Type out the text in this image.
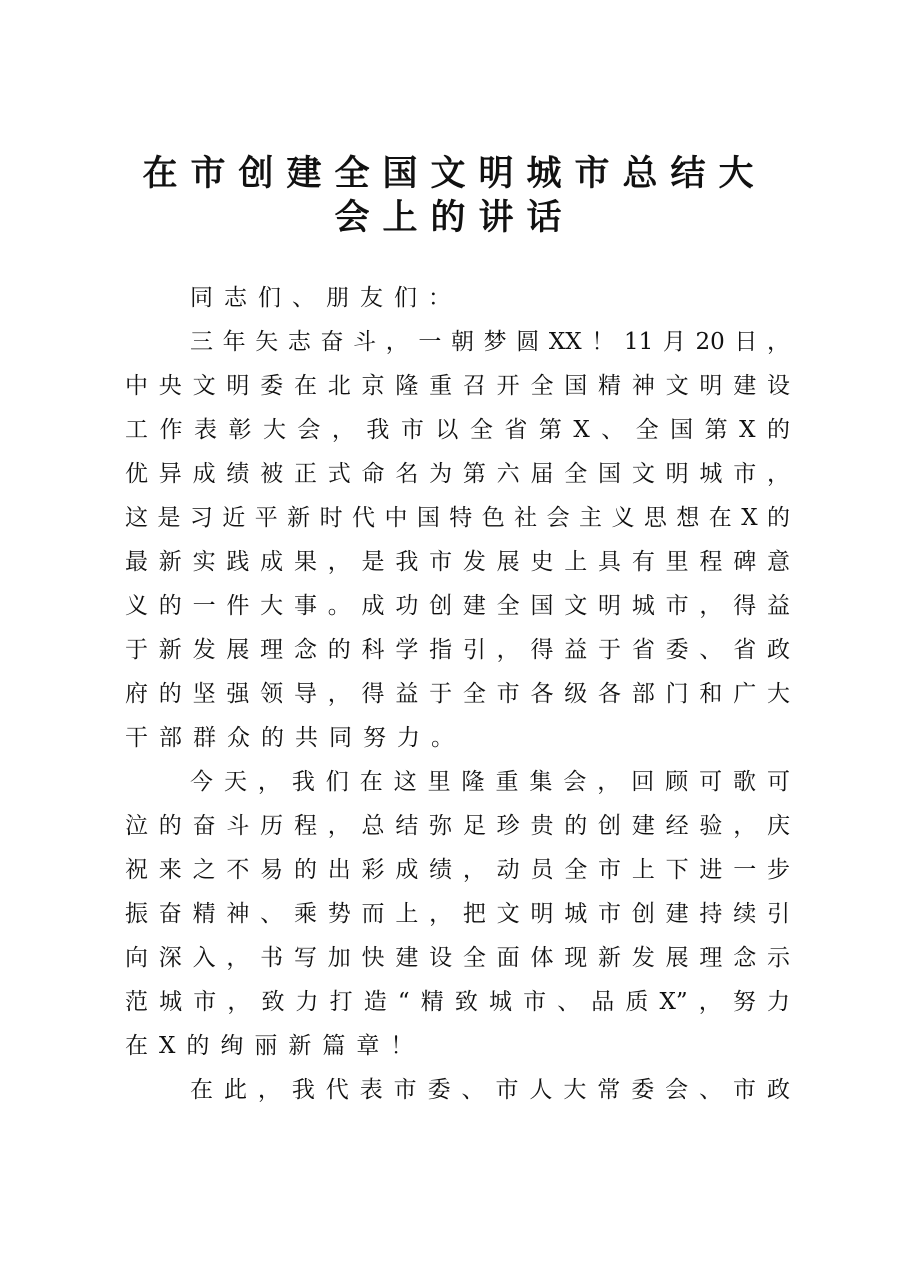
在市创建全国文明城市总结大
会上的讲话
同志们、朋友们：
三年矢志奋斗，一朝梦圆XX！11月20日，
中央文明委在北京隆重召开全国精神文明建设
工作表彰大会，我市以全省第X、全国第X的
优异成绩被正式命名为第六届全国文明城市，
这是习近平新时代中国特色社会主义思想在X的
最新实践成果，是我市发展史上具有里程碑意
义的一件大事。成功创建全国文明城市，得益
于新发展理念的科学指引，得益于省委、省政
府的坚强领导，得益于全市各级各部门和广大
干部群众的共同努力。
今天，我们在这里隆重集会，回顾可歌可
泣的奋斗历程，总结弥足珍贵的创建经验，庆
祝来之不易的出彩成绩，动员全市上下进一步
振奋精神、乘势而上，把文明城市创建持续引
向深入，书写加快建设全面体现新发展理念示
范城市，致力打造“精致城市、品质X”，努力
在X的绚丽新篇章！
在此，我代表市委、市人大常委会、市政
